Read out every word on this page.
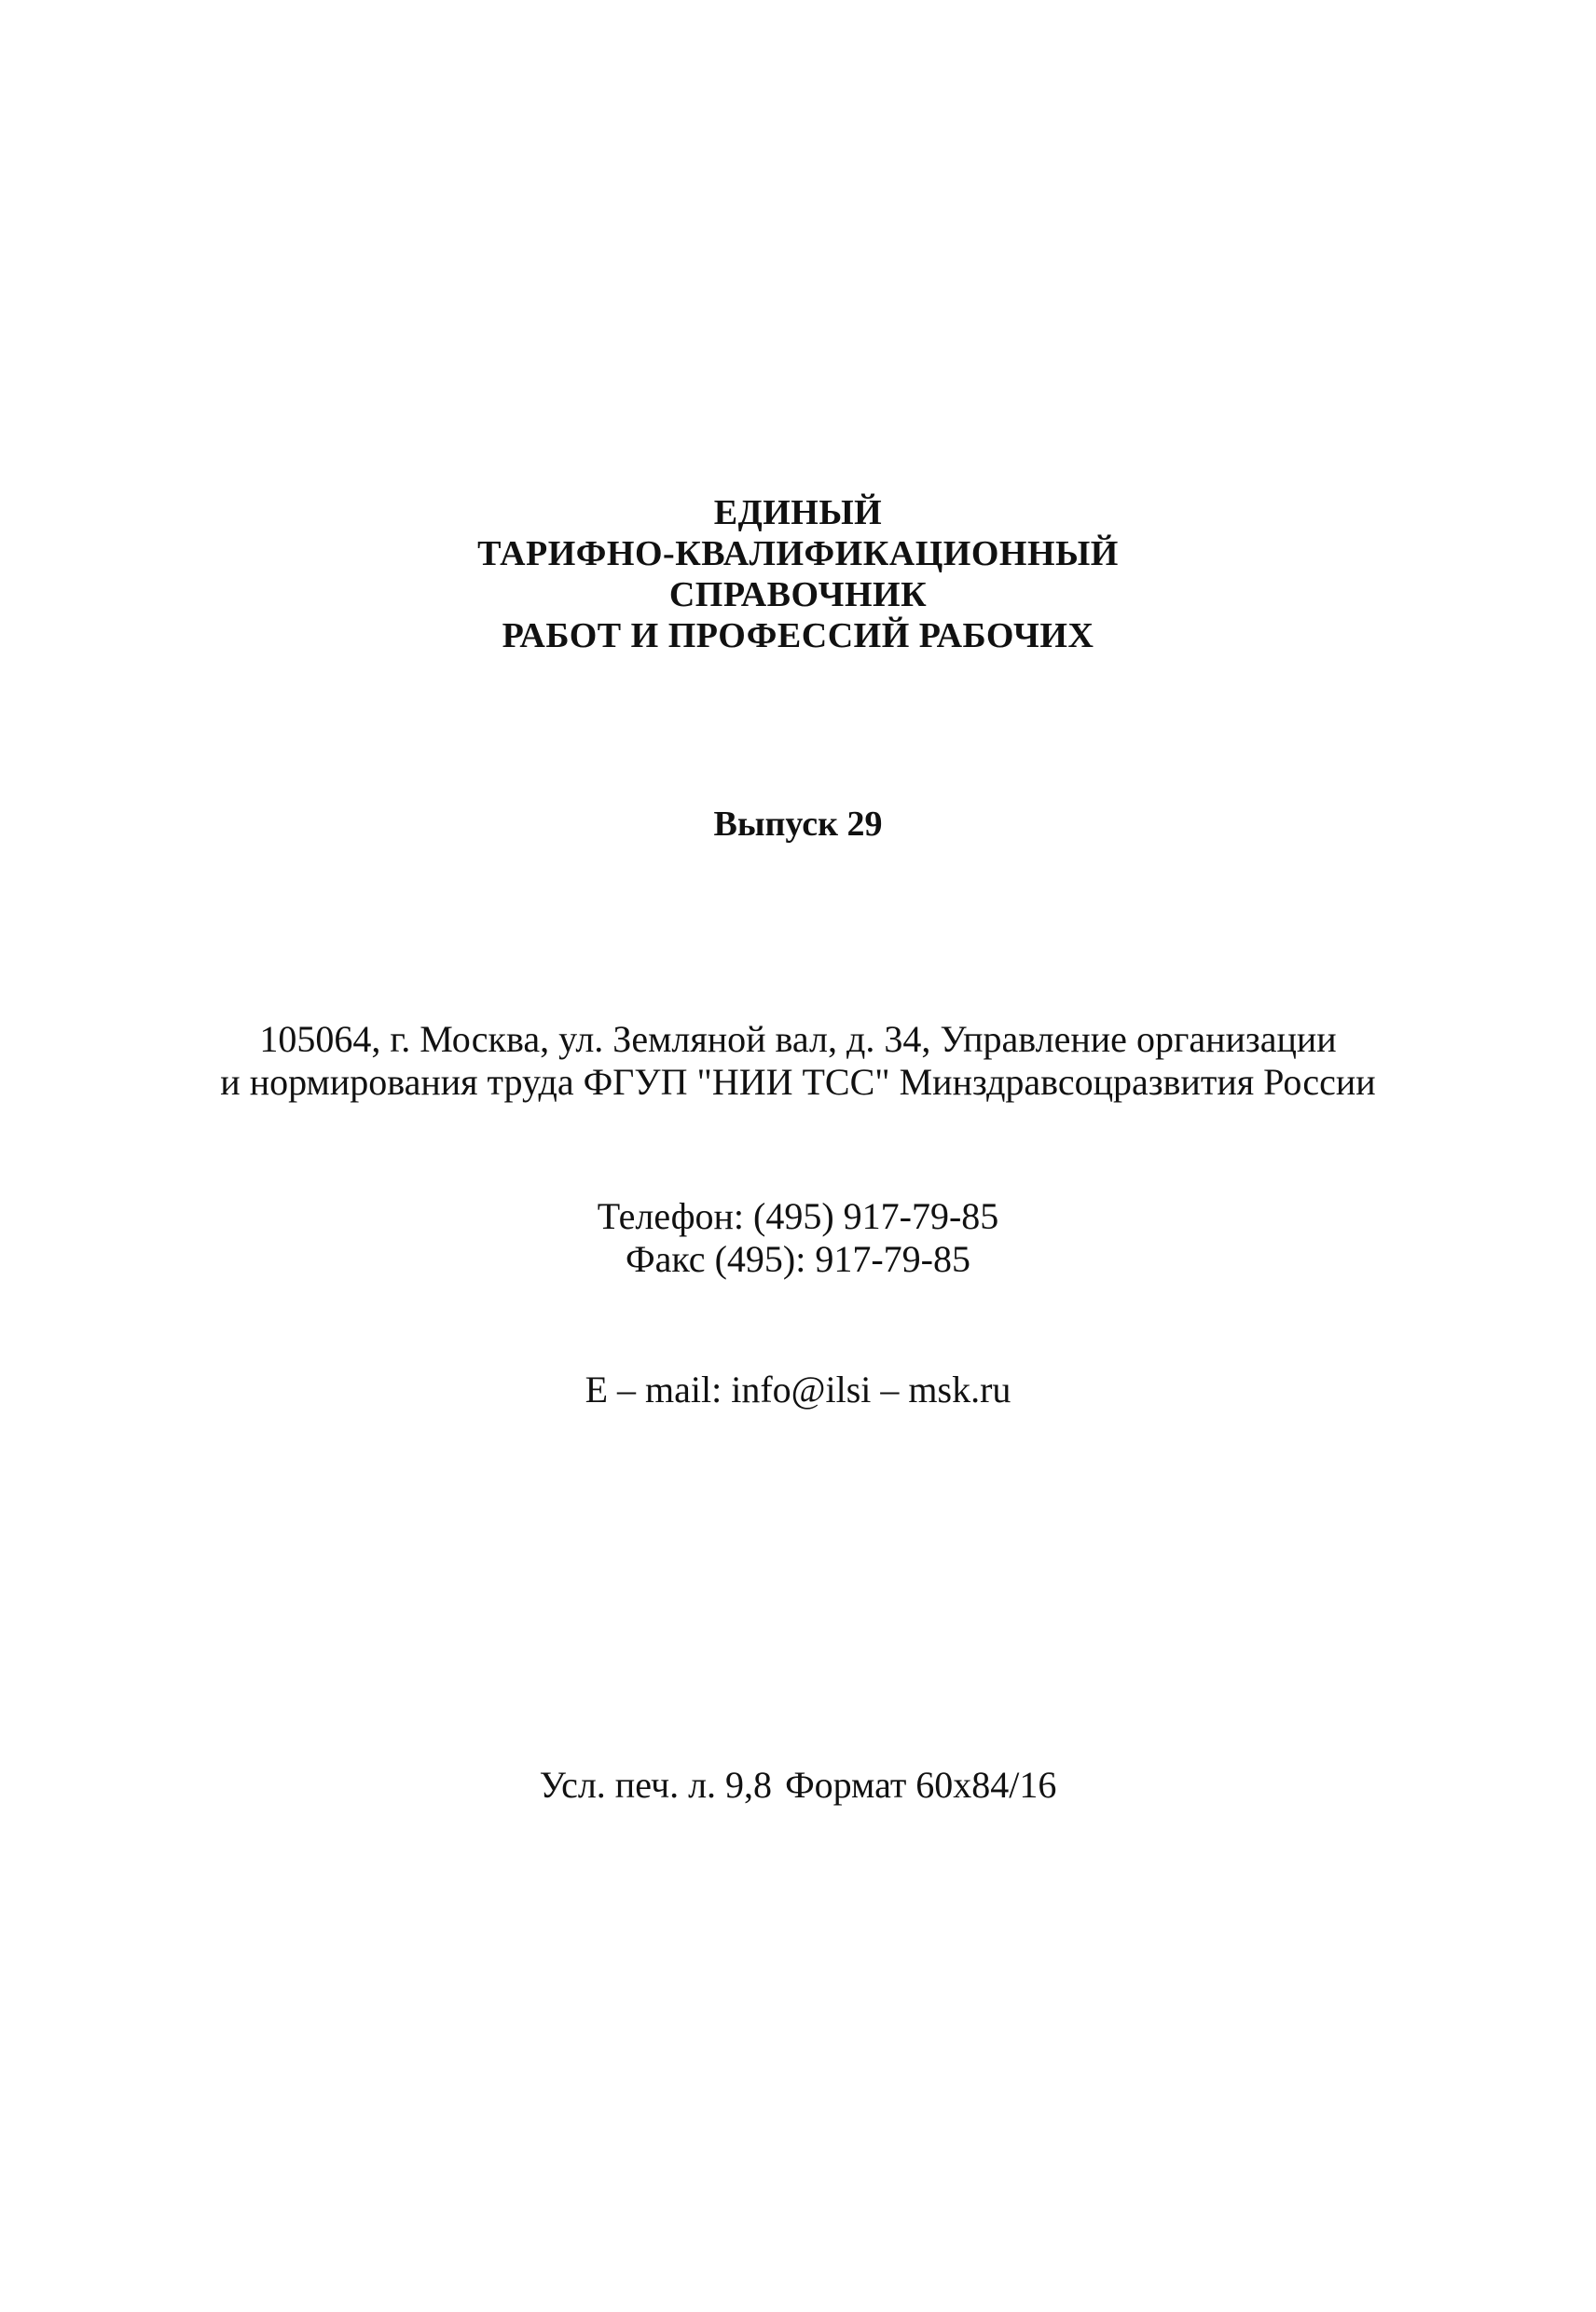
ЕДИНЫЙ
ТАРИФНО-КВАЛИФИКАЦИОННЫЙ
СПРАВОЧНИК
РАБОТ И ПРОФЕССИЙ РАБОЧИХ
Выпуск 29
105064, г. Москва, ул. Земляной вал, д. 34, Управление организации
и нормирования труда ФГУП "НИИ ТСС" Минздравсоцразвития России
Телефон: (495) 917-79-85
Факс (495): 917-79-85
E – mail: info@ilsi – msk.ru
Усл. печ. л. 9,8 Формат 60x84/16
